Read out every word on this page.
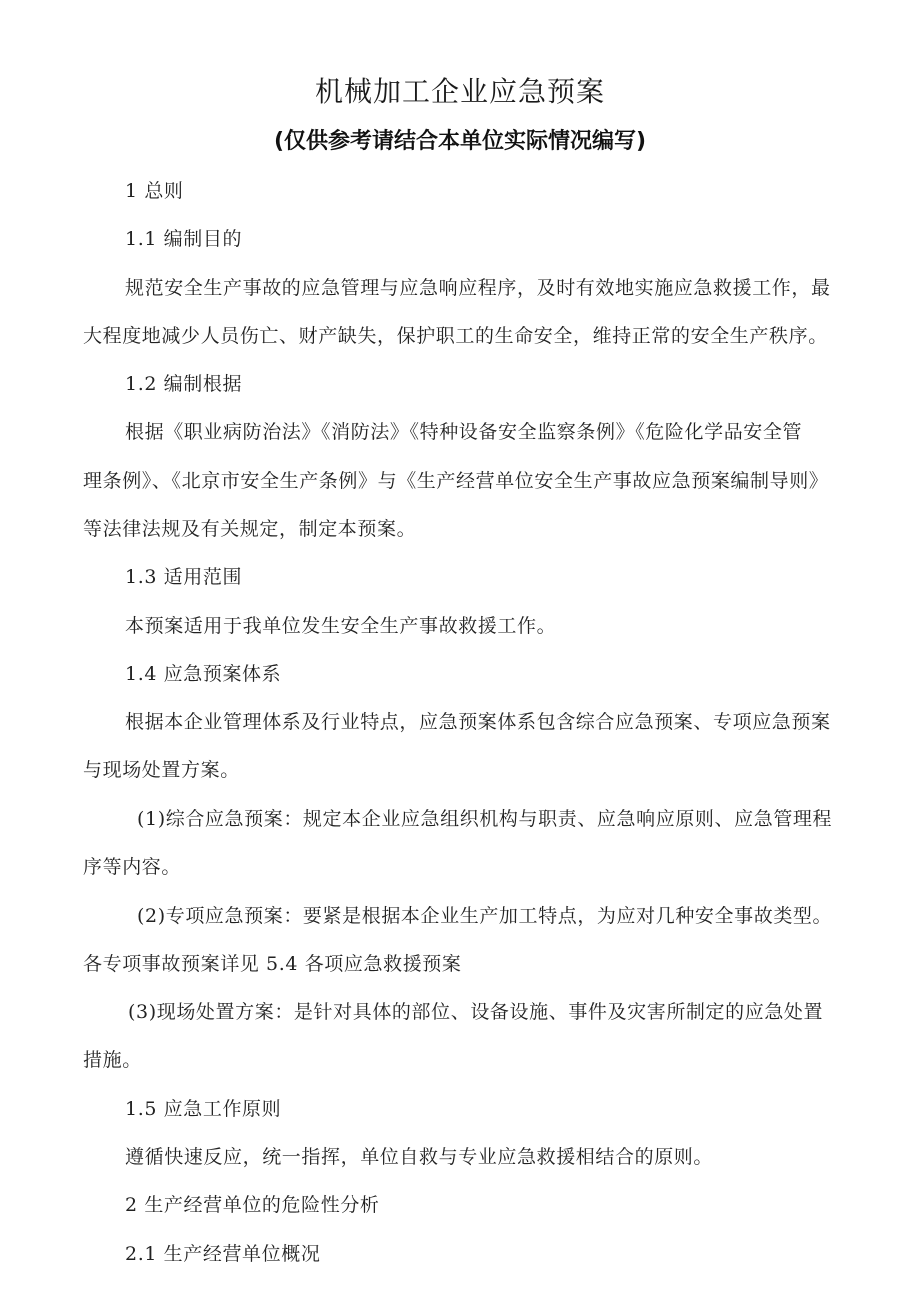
机械加工企业应急预案
(仅供参考请结合本单位实际情况编写)
1 总则
1.1 编制目的
规范安全生产事故的应急管理与应急响应程序，及时有效地实施应急救援工作，最
大程度地减少人员伤亡、财产缺失，保护职工的生命安全，维持正常的安全生产秩序。
1.2 编制根据
根据《职业病防治法》《消防法》《特种设备安全监察条例》《危险化学品安全管
理条例》、《北京市安全生产条例》与《生产经营单位安全生产事故应急预案编制导则》
等法律法规及有关规定，制定本预案。
1.3 适用范围
本预案适用于我单位发生安全生产事故救援工作。
1.4 应急预案体系
根据本企业管理体系及行业特点，应急预案体系包含综合应急预案、专项应急预案
与现场处置方案。
(1)综合应急预案：规定本企业应急组织机构与职责、应急响应原则、应急管理程
序等内容。
(2)专项应急预案：要紧是根据本企业生产加工特点，为应对几种安全事故类型。
各专项事故预案详见 5.4 各项应急救援预案
(3)现场处置方案：是针对具体的部位、设备设施、事件及灾害所制定的应急处置
措施。
1.5 应急工作原则
遵循快速反应，统一指挥，单位自救与专业应急救援相结合的原则。
2 生产经营单位的危险性分析
2.1 生产经营单位概况
